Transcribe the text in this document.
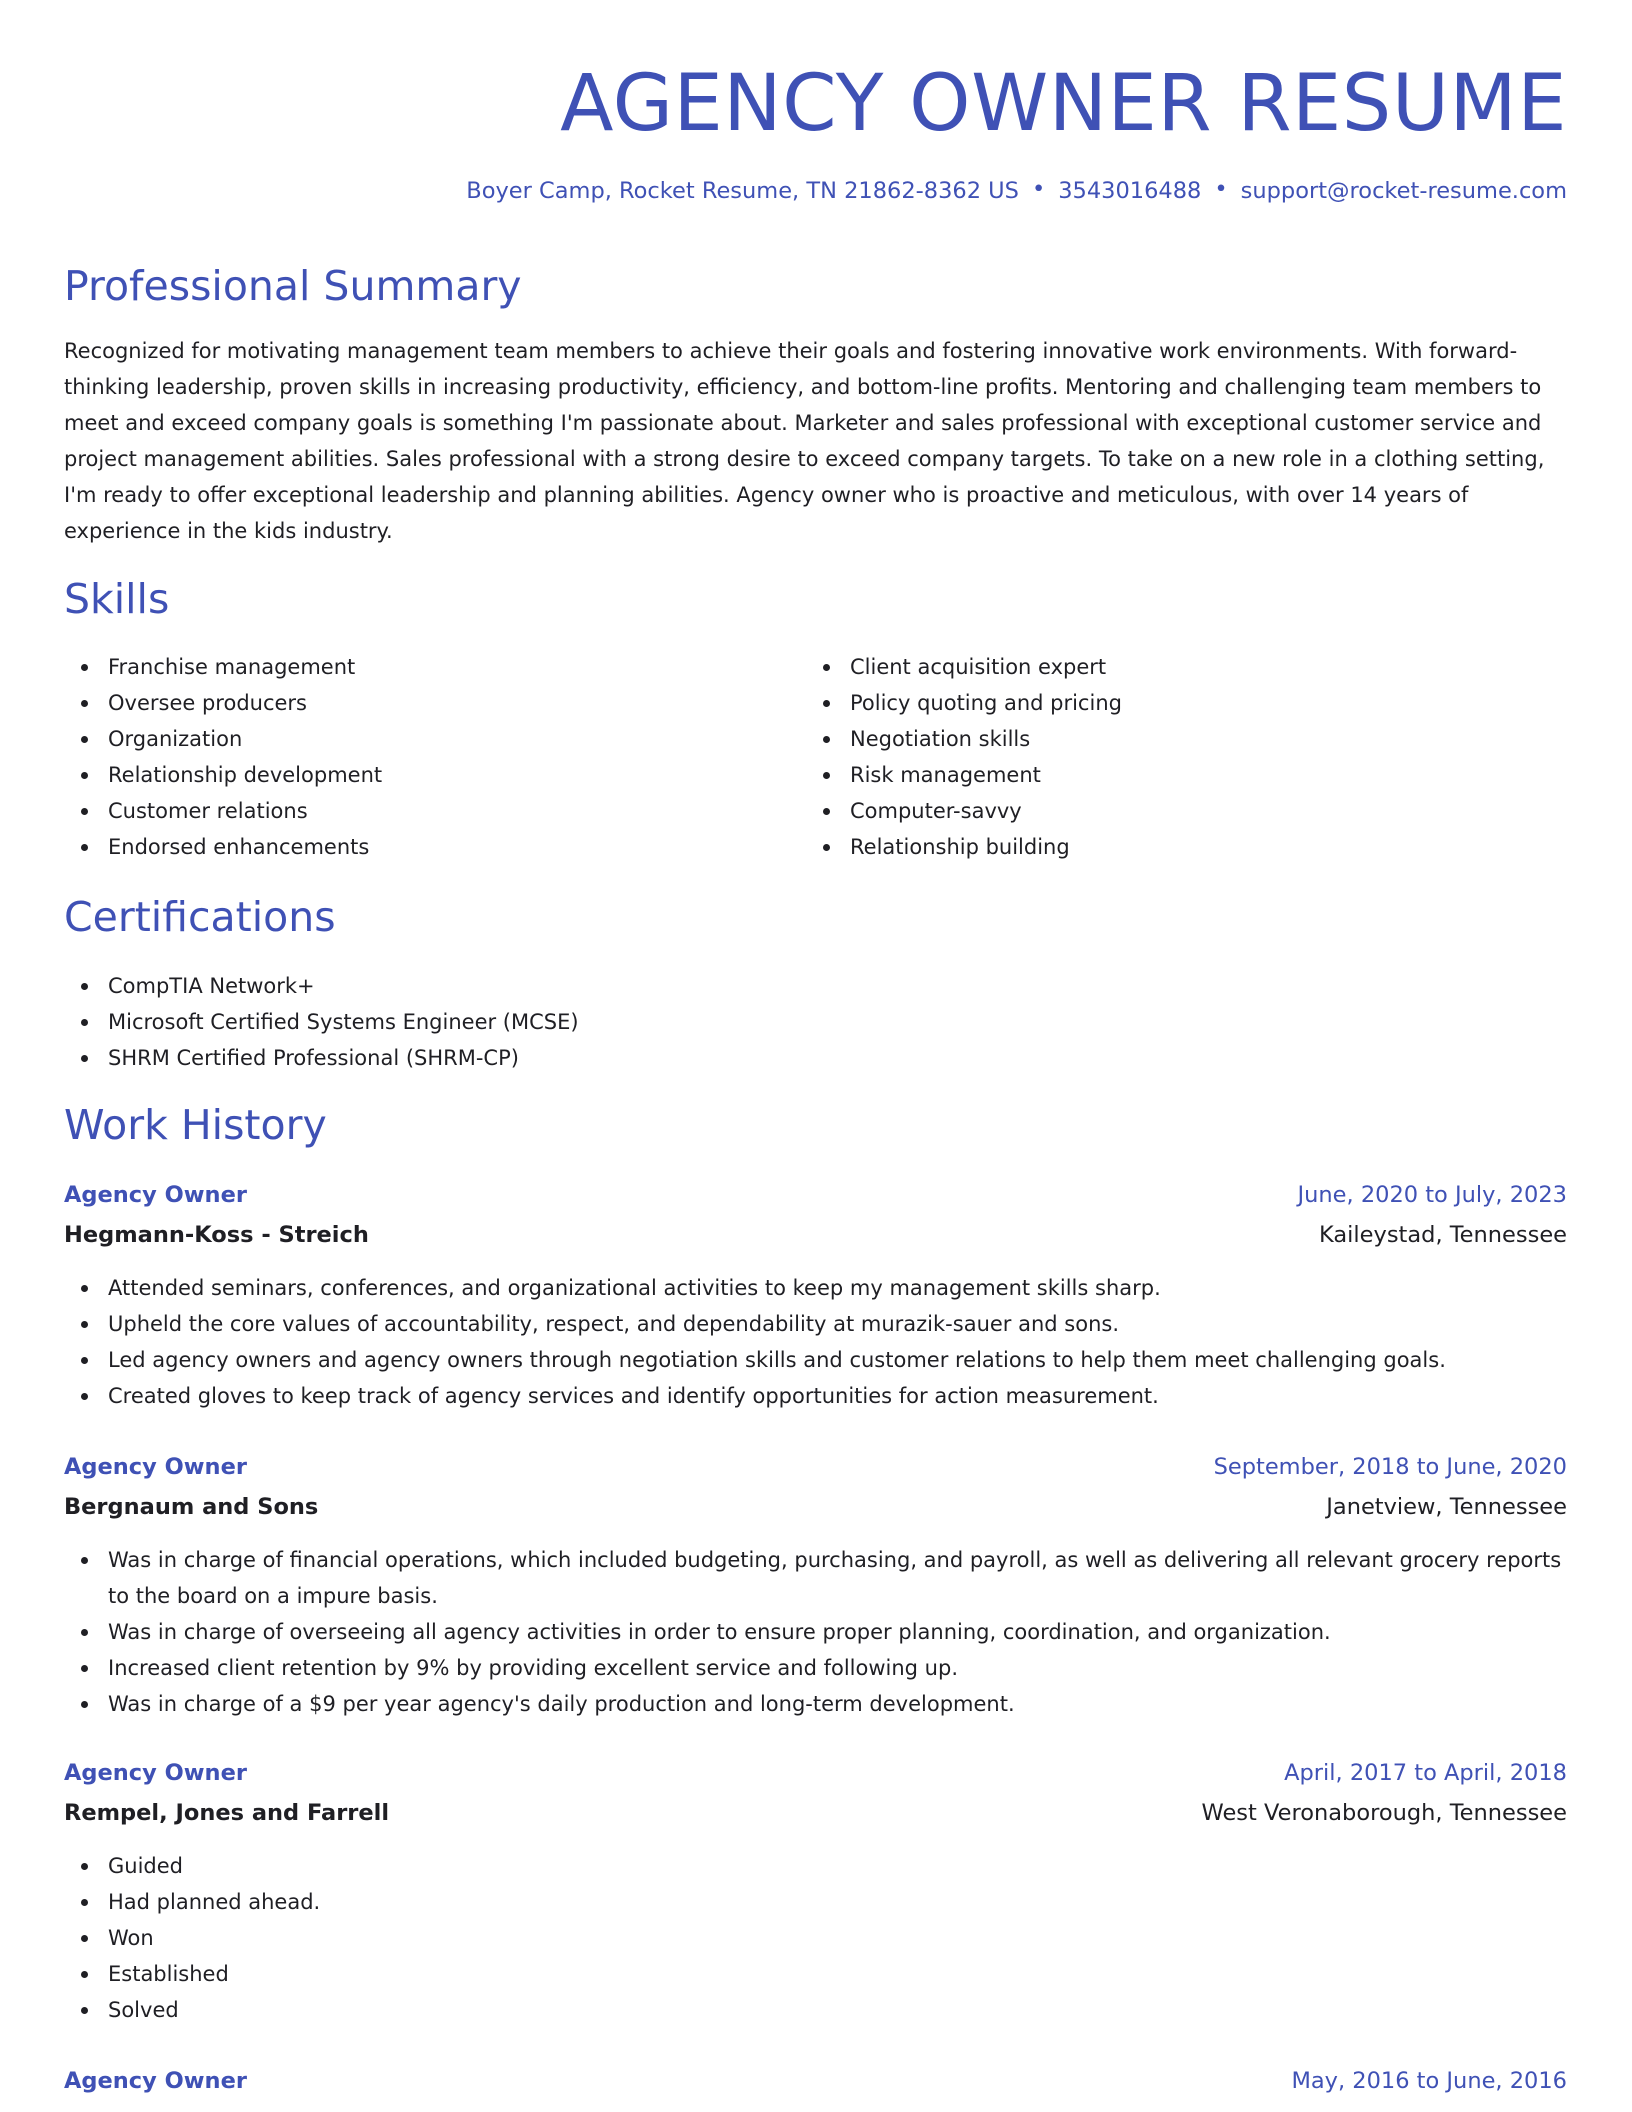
AGENCY OWNER RESUME
Boyer Camp, Rocket Resume, TN 21862-8362 US • 3543016488 • support@rocket-resume.com
Professional Summary

Recognized for motivating management team members to achieve their goals and fostering innovative work environments. With forward-thinking leadership, proven skills in increasing productivity, efficiency, and bottom-line profits. Mentoring and challenging team members to meet and exceed company goals is something I'm passionate about. Marketer and sales professional with exceptional customer service and project management abilities. Sales professional with a strong desire to exceed company targets. To take on a new role in a clothing setting, I'm ready to offer exceptional leadership and planning abilities. Agency owner who is proactive and meticulous, with over 14 years of experience in the kids industry.

Skills
Franchise management
Oversee producers
Organization
Relationship development
Customer relations
Endorsed enhancements
Client acquisition expert
Policy quoting and pricing
Negotiation skills
Risk management
Computer-savvy
Relationship building
Certifications
CompTIA Network+
Microsoft Certified Systems Engineer (MCSE)
SHRM Certified Professional (SHRM-CP)
Work History
Agency Owner	June, 2020 to July, 2023
Hegmann-Koss - Streich	Kaileystad, Tennessee
Attended seminars, conferences, and organizational activities to keep my management skills sharp.
Upheld the core values of accountability, respect, and dependability at murazik-sauer and sons.
Led agency owners and agency owners through negotiation skills and customer relations to help them meet challenging goals.
Created gloves to keep track of agency services and identify opportunities for action measurement.
Agency Owner	September, 2018 to June, 2020
Bergnaum and Sons	Janetview, Tennessee
Was in charge of financial operations, which included budgeting, purchasing, and payroll, as well as delivering all relevant grocery reports to the board on a impure basis.
Was in charge of overseeing all agency activities in order to ensure proper planning, coordination, and organization.
Increased client retention by 9% by providing excellent service and following up.
Was in charge of a $9 per year agency's daily production and long-term development.
Agency Owner	April, 2017 to April, 2018
Rempel, Jones and Farrell	West Veronaborough, Tennessee
Guided
Had planned ahead.
Won
Established
Solved
Agency Owner	May, 2016 to June, 2016
